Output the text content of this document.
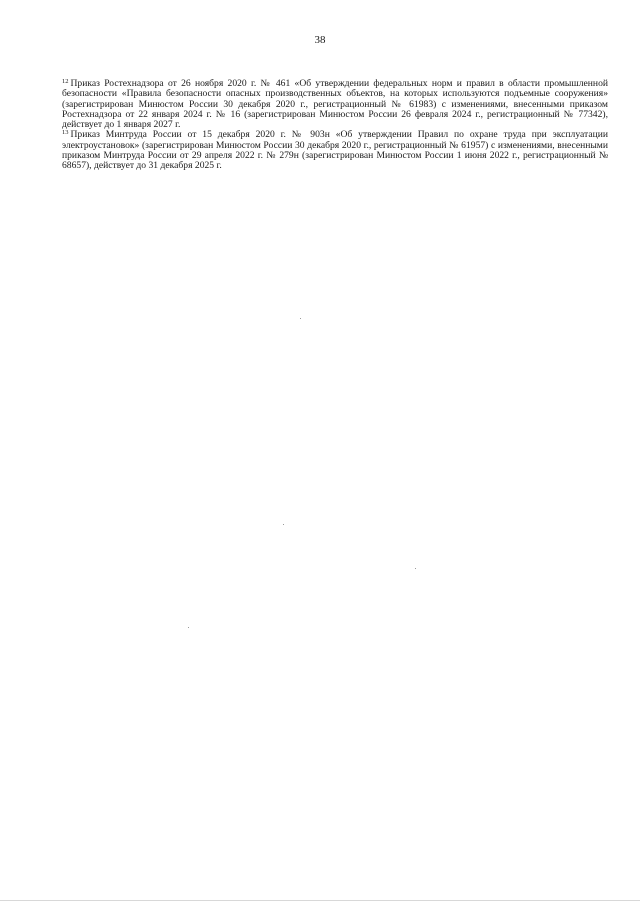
38

$^{12}$ Приказ Ростехнадзора от 26 ноября 2020 г. № 461 «Об утверждении федеральных норм и правил в области промышленной безопасности «Правила безопасности опасных производственных объектов, на которых используются подъемные сооружения» (зарегистрирован Минюстом России 30 декабря 2020 г., регистрационный № 61983) с изменениями, внесенными приказом Ростехнадзора от 22 января 2024 г. № 16 (зарегистрирован Минюстом России 26 февраля 2024 г., регистрационный № 77342), действует до 1 января 2027 г.

$^{13}$ Приказ Минтруда России от 15 декабря 2020 г. № 903н «Об утверждении Правил по охране труда при эксплуатации электроустановок» (зарегистрирован Минюстом России 30 декабря 2020 г., регистрационный № 61957) с изменениями, внесенными приказом Минтруда России от 29 апреля 2022 г. № 279н (зарегистрирован Минюстом России 1 июня 2022 г., регистрационный № 68657), действует до 31 декабря 2025 г.
